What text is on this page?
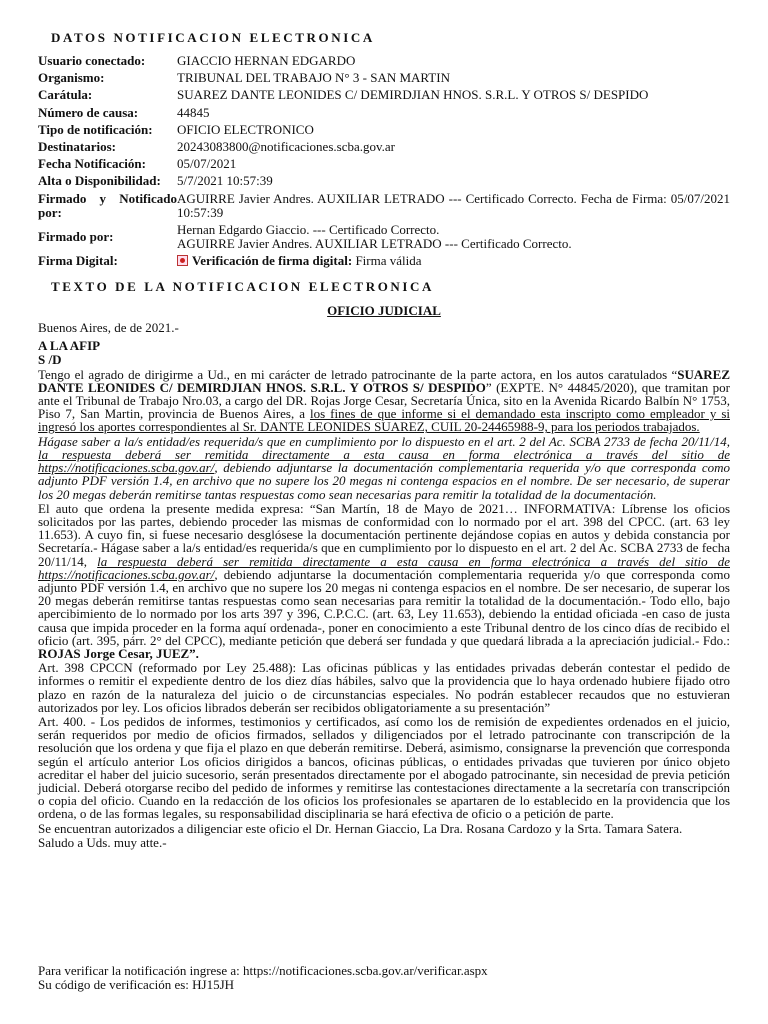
DATOS NOTIFICACION ELECTRONICA
Usuario conectado:	GIACCIO HERNAN EDGARDO
Organismo:	TRIBUNAL DEL TRABAJO N° 3 - SAN MARTIN
Carátula:	SUAREZ DANTE LEONIDES C/ DEMIRDJIAN HNOS. S.R.L. Y OTROS S/ DESPIDO
Número de causa:	44845
Tipo de notificación:	OFICIO ELECTRONICO
Destinatarios:	20243083800@notificaciones.scba.gov.ar
Fecha Notificación:	05/07/2021
Alta o Disponibilidad:	5/7/2021 10:57:39
Firmado y Notificado por:	AGUIRRE Javier Andres. AUXILIAR LETRADO --- Certificado Correcto. Fecha de Firma: 05/07/2021 10:57:39
Firmado por:	Hernan Edgardo Giaccio. --- Certificado Correcto.
AGUIRRE Javier Andres. AUXILIAR LETRADO --- Certificado Correcto.

Firma Digital:	Verificación de firma digital: Firma válida
TEXTO DE LA NOTIFICACION ELECTRONICA
OFICIO JUDICIAL

Buenos Aires, de de 2021.-

A LA AFIP

S /D

Tengo el agrado de dirigirme a Ud., en mi carácter de letrado patrocinante de la parte actora, en los autos caratulados “SUAREZ DANTE LEONIDES C/ DEMIRDJIAN HNOS. S.R.L. Y OTROS S/ DESPIDO” (EXPTE. N° 44845/2020), que tramitan por ante el Tribunal de Trabajo Nro.03, a cargo del DR. Rojas Jorge Cesar, Secretaría Única, sito en la Avenida Ricardo Balbín N° 1753, Piso 7, San Martin, provincia de Buenos Aires, a los fines de que informe si el demandado esta inscripto como empleador y si ingresó los aportes correspondientes al Sr. DANTE LEONIDES SUAREZ, CUIL 20-24465988-9, para los periodos trabajados.

Hágase saber a la/s entidad/es requerida/s que en cumplimiento por lo dispuesto en el art. 2 del Ac. SCBA 2733 de fecha 20/11/14, la respuesta deberá ser remitida directamente a esta causa en forma electrónica a través del sitio de https://notificaciones.scba.gov.ar/, debiendo adjuntarse la documentación complementaria requerida y/o que corresponda como adjunto PDF versión 1.4, en archivo que no supere los 20 megas ni contenga espacios en el nombre. De ser necesario, de superar los 20 megas deberán remitirse tantas respuestas como sean necesarias para remitir la totalidad de la documentación.

El auto que ordena la presente medida expresa: “San Martín, 18 de Mayo de 2021… INFORMATIVA: Líbrense los oficios solicitados por las partes, debiendo proceder las mismas de conformidad con lo normado por el art. 398 del CPCC. (art. 63 ley 11.653). A cuyo fin, si fuese necesario desglósese la documentación pertinente dejándose copias en autos y debida constancia por Secretaría.- Hágase saber a la/s entidad/es requerida/s que en cumplimiento por lo dispuesto en el art. 2 del Ac. SCBA 2733 de fecha 20/11/14, la respuesta deberá ser remitida directamente a esta causa en forma electrónica a través del sitio de https://notificaciones.scba.gov.ar/, debiendo adjuntarse la documentación complementaria requerida y/o que corresponda como adjunto PDF versión 1.4, en archivo que no supere los 20 megas ni contenga espacios en el nombre. De ser necesario, de superar los 20 megas deberán remitirse tantas respuestas como sean necesarias para remitir la totalidad de la documentación.- Todo ello, bajo apercibimiento de lo normado por los arts 397 y 396, C.P.C.C. (art. 63, Ley 11.653), debiendo la entidad oficiada -en caso de justa causa que impida proceder en la forma aquí ordenada-, poner en conocimiento a este Tribunal dentro de los cinco días de recibido el oficio (art. 395, párr. 2° del CPCC), mediante petición que deberá ser fundada y que quedará librada a la apreciación judicial.- Fdo.: ROJAS Jorge Cesar, JUEZ”.

Art. 398 CPCCN (reformado por Ley 25.488): Las oficinas públicas y las entidades privadas deberán contestar el pedido de informes o remitir el expediente dentro de los diez días hábiles, salvo que la providencia que lo haya ordenado hubiere fijado otro plazo en razón de la naturaleza del juicio o de circunstancias especiales. No podrán establecer recaudos que no estuvieran autorizados por ley. Los oficios librados deberán ser recibidos obligatoriamente a su presentación”

Art. 400. - Los pedidos de informes, testimonios y certificados, así como los de remisión de expedientes ordenados en el juicio, serán requeridos por medio de oficios firmados, sellados y diligenciados por el letrado patrocinante con transcripción de la resolución que los ordena y que fija el plazo en que deberán remitirse. Deberá, asimismo, consignarse la prevención que corresponda según el artículo anterior Los oficios dirigidos a bancos, oficinas públicas, o entidades privadas que tuvieren por único objeto acreditar el haber del juicio sucesorio, serán presentados directamente por el abogado patrocinante, sin necesidad de previa petición judicial. Deberá otorgarse recibo del pedido de informes y remitirse las contestaciones directamente a la secretaría con transcripción o copia del oficio. Cuando en la redacción de los oficios los profesionales se apartaren de lo establecido en la providencia que los ordena, o de las formas legales, su responsabilidad disciplinaria se hará efectiva de oficio o a petición de parte.

Se encuentran autorizados a diligenciar este oficio el Dr. Hernan Giaccio, La Dra. Rosana Cardozo y la Srta. Tamara Satera.

Saludo a Uds. muy atte.-

Para verificar la notificación ingrese a: https://notificaciones.scba.gov.ar/verificar.aspx
Su código de verificación es: HJ15JH
